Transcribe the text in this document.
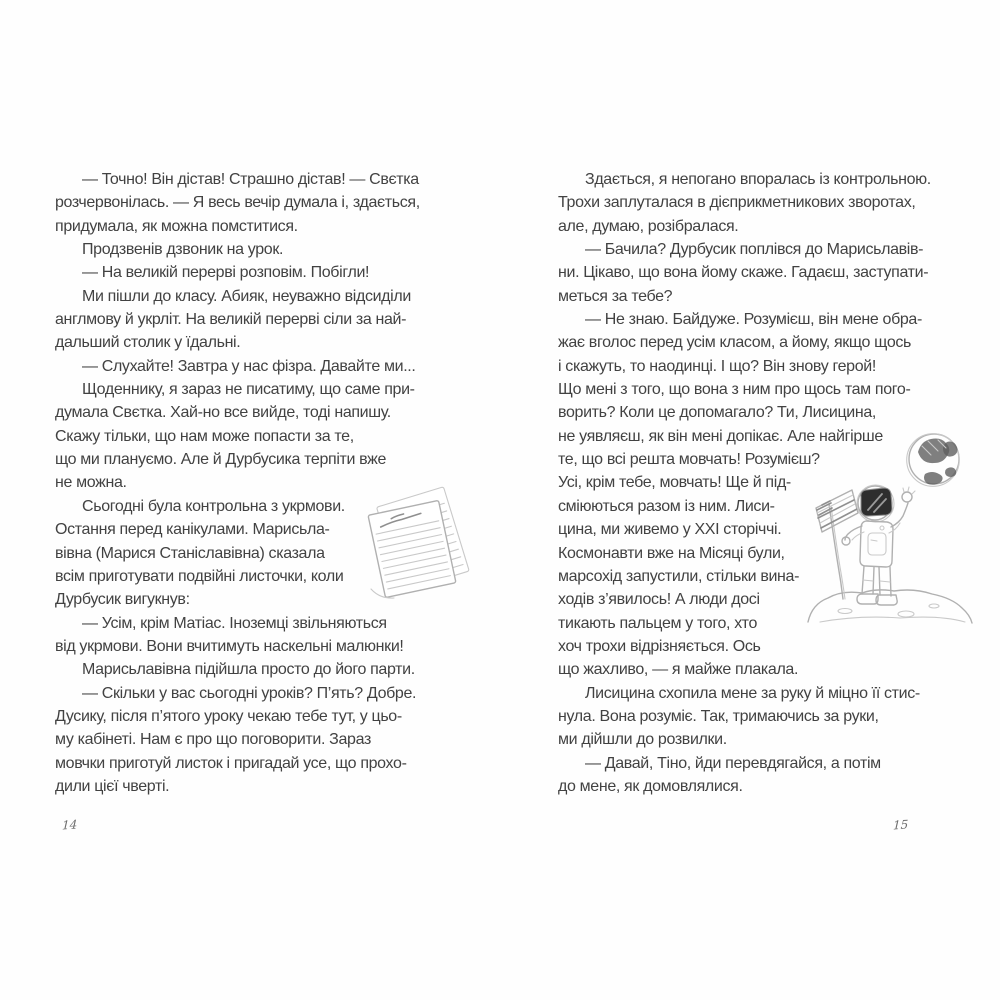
— Точно! Він дістав! Страшно дістав! — Свєтка
розчервонілась. — Я весь вечір думала і, здається,
придумала, як можна помститися.
Продзвенів дзвоник на урок.
— На великій перерві розповім. Побігли!
Ми пішли до класу. Абияк, неуважно відсиділи
англмову й укрліт. На великій перерві сіли за най-
дальший столик у їдальні.
— Слухайте! Завтра у нас фізра. Давайте ми...
Щоденнику, я зараз не писатиму, що саме при-
думала Свєтка. Хай-но все вийде, тоді напишу.
Скажу тільки, що нам може попасти за те,
що ми плануємо. Але й Дурбусика терпіти вже
не можна.
Сьогодні була контрольна з укрмови.
Остання перед канікулами. Марисьла-
вівна (Марися Станіславівна) сказала
всім приготувати подвійні листочки, коли
Дурбусик вигукнув:
— Усім, крім Матіас. Іноземці звільняються
від укрмови. Вони вчитимуть наскельні малюнки!
Марисьлавівна підійшла просто до його парти.
— Скільки у вас сьогодні уроків? П’ять? Добре.
Дусику, після п’ятого уроку чекаю тебе тут, у цьо-
му кабінеті. Нам є про що поговорити. Зараз
мовчки приготуй листок і пригадай усе, що прохо-
дили цієї чверті.
Здається, я непогано впоралась із контрольною.
Трохи заплуталася в дієприкметникових зворотах,
але, думаю, розібралася.
— Бачила? Дурбусик поплівся до Марисьлавів-
ни. Цікаво, що вона йому скаже. Гадаєш, заступати-
меться за тебе?
— Не знаю. Байдуже. Розумієш, він мене обра-
жає вголос перед усім класом, а йому, якщо щось
і скажуть, то наодинці. І що? Він знову герой!
Що мені з того, що вона з ним про щось там пого-
ворить? Коли це допомагало? Ти, Лисицина,
не уявляєш, як він мені допікає. Але найгірше
те, що всі решта мовчать! Розумієш?
Усі, крім тебе, мовчать! Ще й під-
сміюються разом із ним. Лиси-
цина, ми живемо у XXI сторіччі.
Космонавти вже на Місяці були,
марсохід запустили, стільки вина-
ходів з’явилось! А люди досі
тикають пальцем у того, хто
хоч трохи відрізняється. Ось
що жахливо, — я майже плакала.
Лисицина схопила мене за руку й міцно її стис-
нула. Вона розуміє. Так, тримаючись за руки,
ми дійшли до розвилки.
— Давай, Тіно, йди перевдягайся, а потім
до мене, як домовлялися.
14	15
